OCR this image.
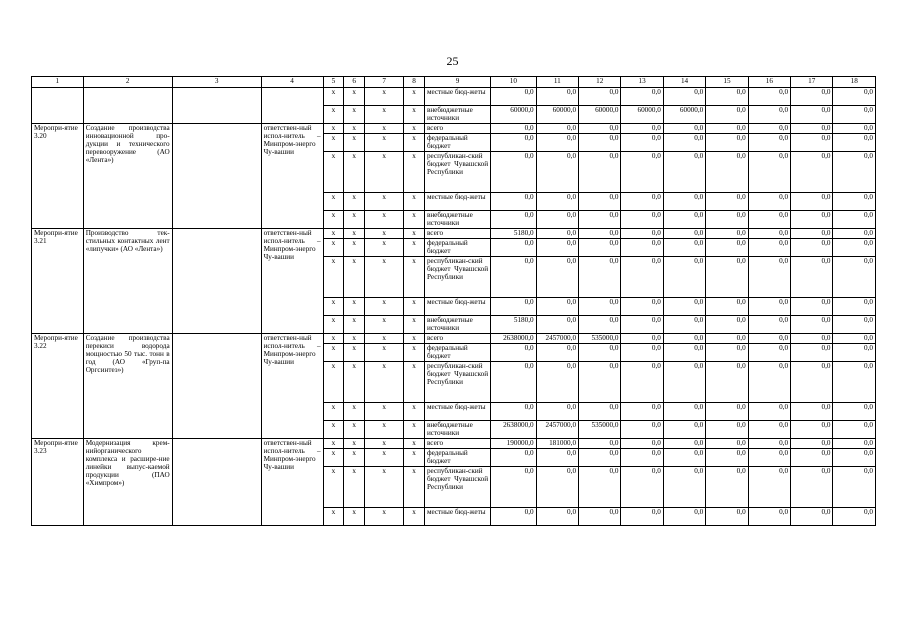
25
1	2	3	4	5	6	7	8	9	10	11	12	13	14	15	16	17	18
				х	х	х	х	местные бюд-жеты	0,0	0,0	0,0	0,0	0,0	0,0	0,0	0,0	0,0
				х	х	х	х	внебюджетные источники	60000,0	60000,0	60000,0	60000,0	60000,0	0,0	0,0	0,0	0,0
Меропри-ятие 3.20	Создание производства инновационной про-дукции и технического перевооружение (АО «Лента»)		ответствен-ный испол-нитель – Минпром-энерго Чу-вашии	х	х	х	х	всего	0,0	0,0	0,0	0,0	0,0	0,0	0,0	0,0	0,0
				х	х	х	х	федеральный бюджет	0,0	0,0	0,0	0,0	0,0	0,0	0,0	0,0	0,0
				х	х	х	х	республикан-ский бюджет Чувашской Республики	0,0	0,0	0,0	0,0	0,0	0,0	0,0	0,0	0,0
				х	х	х	х	местные бюд-жеты	0,0	0,0	0,0	0,0	0,0	0,0	0,0	0,0	0,0
				х	х	х	х	внебюджетные источники	0,0	0,0	0,0	0,0	0,0	0,0	0,0	0,0	0,0
Меропри-ятие 3.21	Производство тек-стильных контактных лент «липучки» (АО «Лента»)		ответствен-ный испол-нитель – Минпром-энерго Чу-вашии	х	х	х	х	всего	5180,0	0,0	0,0	0,0	0,0	0,0	0,0	0,0	0,0
				х	х	х	х	федеральный бюджет	0,0	0,0	0,0	0,0	0,0	0,0	0,0	0,0	0,0
				х	х	х	х	республикан-ский бюджет Чувашской Республики	0,0	0,0	0,0	0,0	0,0	0,0	0,0	0,0	0,0
				х	х	х	х	местные бюд-жеты	0,0	0,0	0,0	0,0	0,0	0,0	0,0	0,0	0,0
				х	х	х	х	внебюджетные источники	5180,0	0,0	0,0	0,0	0,0	0,0	0,0	0,0	0,0
Меропри-ятие 3.22	Создание производства перекиси водорода мощностью 50 тыс. тонн в год (АО «Груп-па Оргсинтез»)		ответствен-ный испол-нитель – Минпром-энерго Чу-вашии	х	х	х	х	всего	2638000,0	2457000,0	535000,0	0,0	0,0	0,0	0,0	0,0	0,0
				х	х	х	х	федеральный бюджет	0,0	0,0	0,0	0,0	0,0	0,0	0,0	0,0	0,0
				х	х	х	х	республикан-ский бюджет Чувашской Республики	0,0	0,0	0,0	0,0	0,0	0,0	0,0	0,0	0,0
				х	х	х	х	местные бюд-жеты	0,0	0,0	0,0	0,0	0,0	0,0	0,0	0,0	0,0
				х	х	х	х	внебюджетные источники	2638000,0	2457000,0	535000,0	0,0	0,0	0,0	0,0	0,0	0,0
Меропри-ятие 3.23	Модернизация крем-нийорганического комплекса и расшире-ние линейки выпус-каемой продукции (ПАО «Химпром»)		ответствен-ный испол-нитель – Минпром-энерго Чу-вашии	х	х	х	х	всего	190000,0	181000,0	0,0	0,0	0,0	0,0	0,0	0,0	0,0
				х	х	х	х	федеральный бюджет	0,0	0,0	0,0	0,0	0,0	0,0	0,0	0,0	0,0
				х	х	х	х	республикан-ский бюджет Чувашской Республики	0,0	0,0	0,0	0,0	0,0	0,0	0,0	0,0	0,0
				х	х	х	х	местные бюд-жеты	0,0	0,0	0,0	0,0	0,0	0,0	0,0	0,0	0,0
